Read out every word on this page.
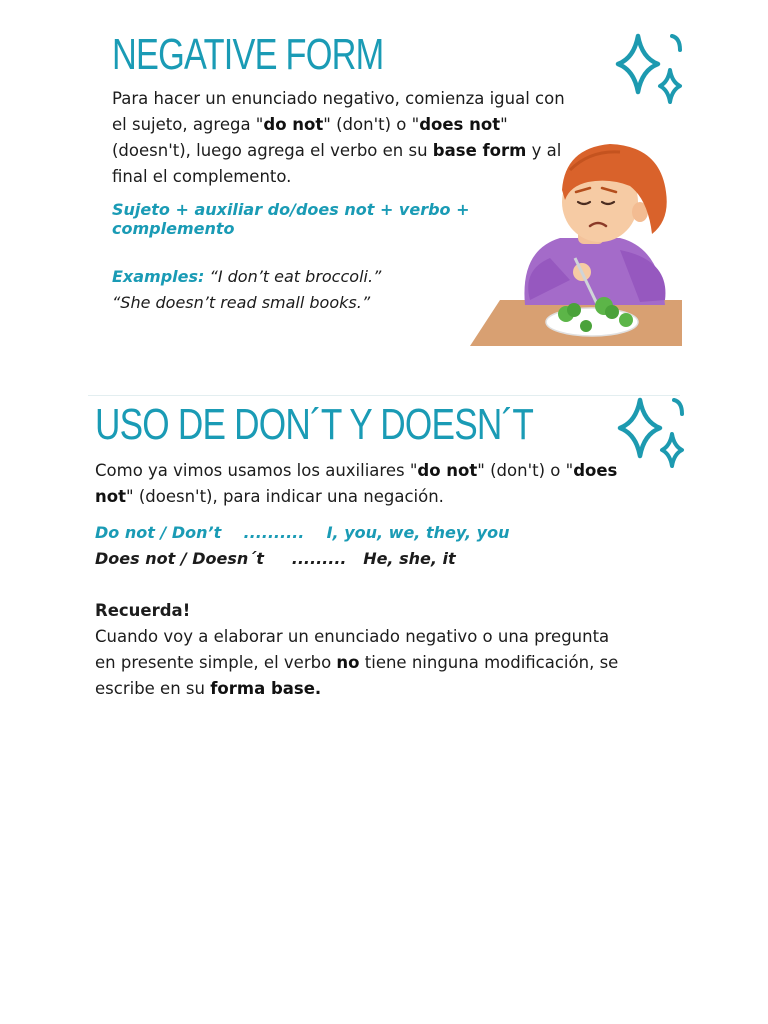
NEGATIVE FORM

Para hacer un enunciado negativo, comienza igual con el sujeto, agrega "do not" (don't) o "does not" (doesn't), luego agrega el verbo en su base form y al final el complemento.

Sujeto + auxiliar do/does not + verbo + complemento

Examples: “I don’t eat broccoli.”

“She doesn’t read small books.”

USO DE DON´T Y DOESN´T

Como ya vimos usamos los auxiliares "do not" (don't) o "does not" (doesn't), para indicar una negación.

Do not / Don’t    ..........    I, you, we, they, you

Does not / Doesn´t     .........   He, she, it

Recuerda!

Cuando voy a elaborar un enunciado negativo o una pregunta en presente simple, el verbo no tiene ninguna modificación, se escribe en su forma base.
